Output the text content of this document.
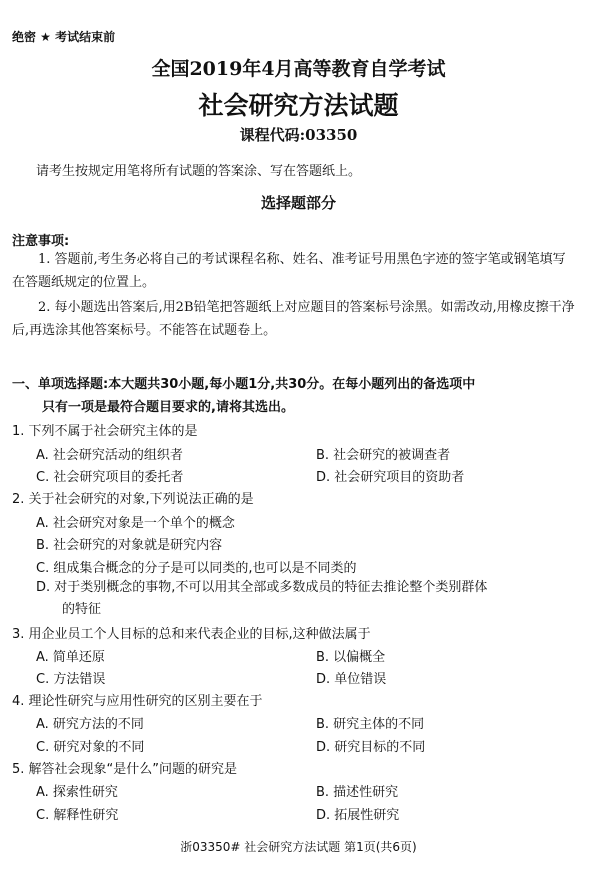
绝密 ★ 考试结束前
全国2019年4月高等教育自学考试
社会研究方法试题
课程代码:03350
请考生按规定用笔将所有试题的答案涂、写在答题纸上。
选择题部分
注意事项:
1. 答题前,考生务必将自己的考试课程名称、姓名、准考证号用黑色字迹的签字笔或钢笔填写在答题纸规定的位置上。
2. 每小题选出答案后,用2B铅笔把答题纸上对应题目的答案标号涂黑。如需改动,用橡皮擦干净后,再选涂其他答案标号。不能答在试题卷上。
一、单项选择题:本大题共30小题,每小题1分,共30分。在每小题列出的备选项中
只有一项是最符合题目要求的,请将其选出。
1. 下列不属于社会研究主体的是
A. 社会研究活动的组织者	B. 社会研究的被调查者
C. 社会研究项目的委托者	D. 社会研究项目的资助者
2. 关于社会研究的对象,下列说法正确的是
A. 社会研究对象是一个单个的概念
B. 社会研究的对象就是研究内容
C. 组成集合概念的分子是可以同类的,也可以是不同类的
D. 对于类别概念的事物,不可以用其全部或多数成员的特征去推论整个类别群体
的特征
3. 用企业员工个人目标的总和来代表企业的目标,这种做法属于
A. 简单还原	B. 以偏概全
C. 方法错误	D. 单位错误
4. 理论性研究与应用性研究的区别主要在于
A. 研究方法的不同	B. 研究主体的不同
C. 研究对象的不同	D. 研究目标的不同
5. 解答社会现象“是什么”问题的研究是
A. 探索性研究	B. 描述性研究
C. 解释性研究	D. 拓展性研究
浙03350# 社会研究方法试题 第1页(共6页)
